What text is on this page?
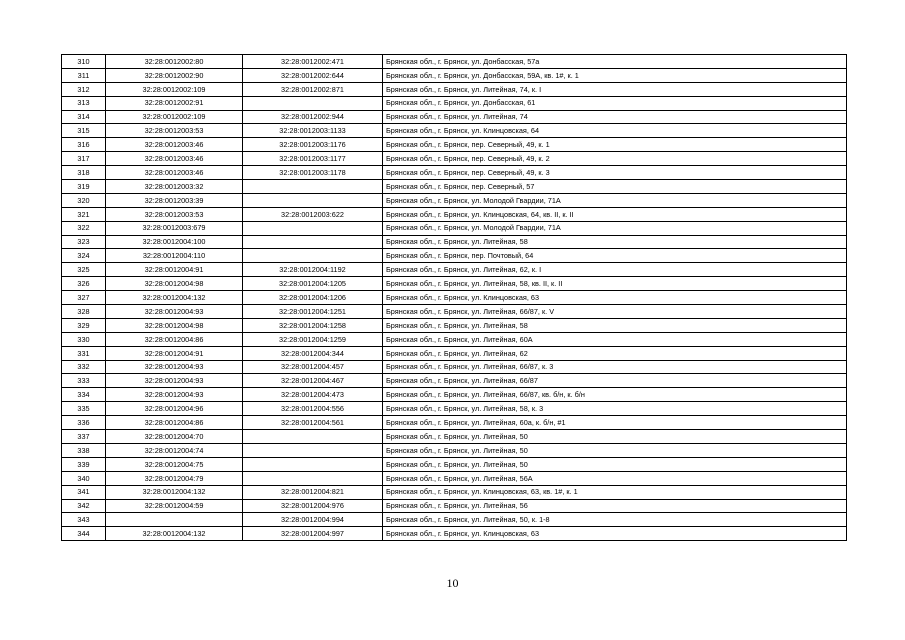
310	32:28:0012002:80	32:28:0012002:471	Брянская обл., г. Брянск, ул. Донбасская, 57а
311	32:28:0012002:90	32:28:0012002:644	Брянская обл., г. Брянск, ул. Донбасская, 59А, кв. 1#, к. 1
312	32:28:0012002:109	32:28:0012002:871	Брянская обл., г. Брянск, ул. Литейная, 74, к. I
313	32:28:0012002:91		Брянская обл., г. Брянск, ул. Донбасская, 61
314	32:28:0012002:109	32:28:0012002:944	Брянская обл., г. Брянск, ул. Литейная, 74
315	32:28:0012003:53	32:28:0012003:1133	Брянская обл., г. Брянск, ул. Клинцовская, 64
316	32:28:0012003:46	32:28:0012003:1176	Брянская обл., г. Брянск, пер. Северный, 49, к. 1
317	32:28:0012003:46	32:28:0012003:1177	Брянская обл., г. Брянск, пер. Северный, 49, к. 2
318	32:28:0012003:46	32:28:0012003:1178	Брянская обл., г. Брянск, пер. Северный, 49, к. 3
319	32:28:0012003:32		Брянская обл., г. Брянск, пер. Северный, 57
320	32:28:0012003:39		Брянская обл., г. Брянск, ул. Молодой Гвардии, 71А
321	32:28:0012003:53	32:28:0012003:622	Брянская обл., г. Брянск, ул. Клинцовская, 64, кв. II, к. II
322	32:28:0012003:679		Брянская обл., г. Брянск, ул. Молодой Гвардии, 71А
323	32:28:0012004:100		Брянская обл., г. Брянск, ул. Литейная, 58
324	32:28:0012004:110		Брянская обл., г. Брянск, пер. Почтовый, 64
325	32:28:0012004:91	32:28:0012004:1192	Брянская обл., г. Брянск, ул. Литейная, 62, к. I
326	32:28:0012004:98	32:28:0012004:1205	Брянская обл., г. Брянск, ул. Литейная, 58, кв. II, к. II
327	32:28:0012004:132	32:28:0012004:1206	Брянская обл., г. Брянск, ул. Клинцовская, 63
328	32:28:0012004:93	32:28:0012004:1251	Брянская обл., г. Брянск, ул. Литейная, 66/87, к. V
329	32:28:0012004:98	32:28:0012004:1258	Брянская обл., г. Брянск, ул. Литейная, 58
330	32:28:0012004:86	32:28:0012004:1259	Брянская обл., г. Брянск, ул. Литейная, 60А
331	32:28:0012004:91	32:28:0012004:344	Брянская обл., г. Брянск, ул. Литейная, 62
332	32:28:0012004:93	32:28:0012004:457	Брянская обл., г. Брянск, ул. Литейная, 66/87, к. 3
333	32:28:0012004:93	32:28:0012004:467	Брянская обл., г. Брянск, ул. Литейная, 66/87
334	32:28:0012004:93	32:28:0012004:473	Брянская обл., г. Брянск, ул. Литейная, 66/87, кв. б/н, к. б/н
335	32:28:0012004:96	32:28:0012004:556	Брянская обл., г. Брянск, ул. Литейная, 58, к. 3
336	32:28:0012004:86	32:28:0012004:561	Брянская обл., г. Брянск, ул. Литейная, 60а, к. б/н, #1
337	32:28:0012004:70		Брянская обл., г. Брянск, ул. Литейная, 50
338	32:28:0012004:74		Брянская обл., г. Брянск, ул. Литейная, 50
339	32:28:0012004:75		Брянская обл., г. Брянск, ул. Литейная, 50
340	32:28:0012004:79		Брянская обл., г. Брянск, ул. Литейная, 56А
341	32:28:0012004:132	32:28:0012004:821	Брянская обл., г. Брянск, ул. Клинцовская, 63, кв. 1#, к. 1
342	32:28:0012004:59	32:28:0012004:976	Брянская обл., г. Брянск, ул. Литейная, 56
343		32:28:0012004:994	Брянская обл., г. Брянск, ул. Литейная, 50, к. 1-8
344	32:28:0012004:132	32:28:0012004:997	Брянская обл., г. Брянск, ул. Клинцовская, 63
10
